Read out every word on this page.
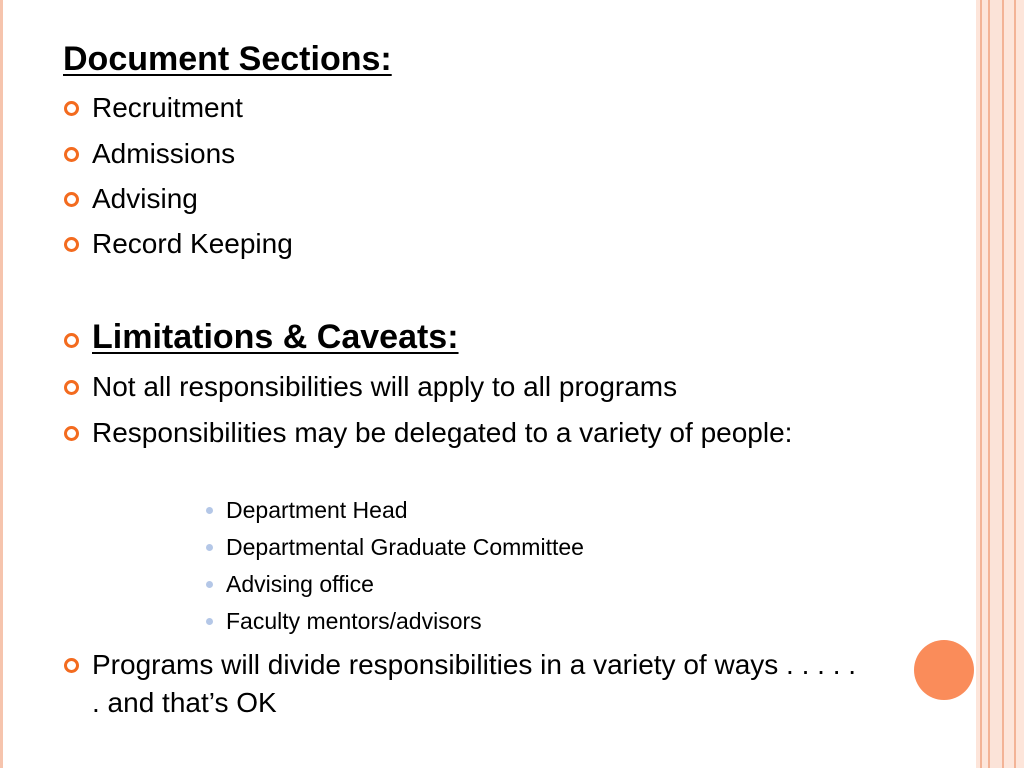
Document Sections:
Recruitment
Admissions
Advising
Record Keeping
Limitations & Caveats:
Not all responsibilities will apply to all programs
Responsibilities may be delegated to a variety of people:
Department Head
Departmental Graduate Committee
Advising office
Faculty mentors/advisors
Programs will divide responsibilities in a variety of ways . . . . . . and that’s OK
